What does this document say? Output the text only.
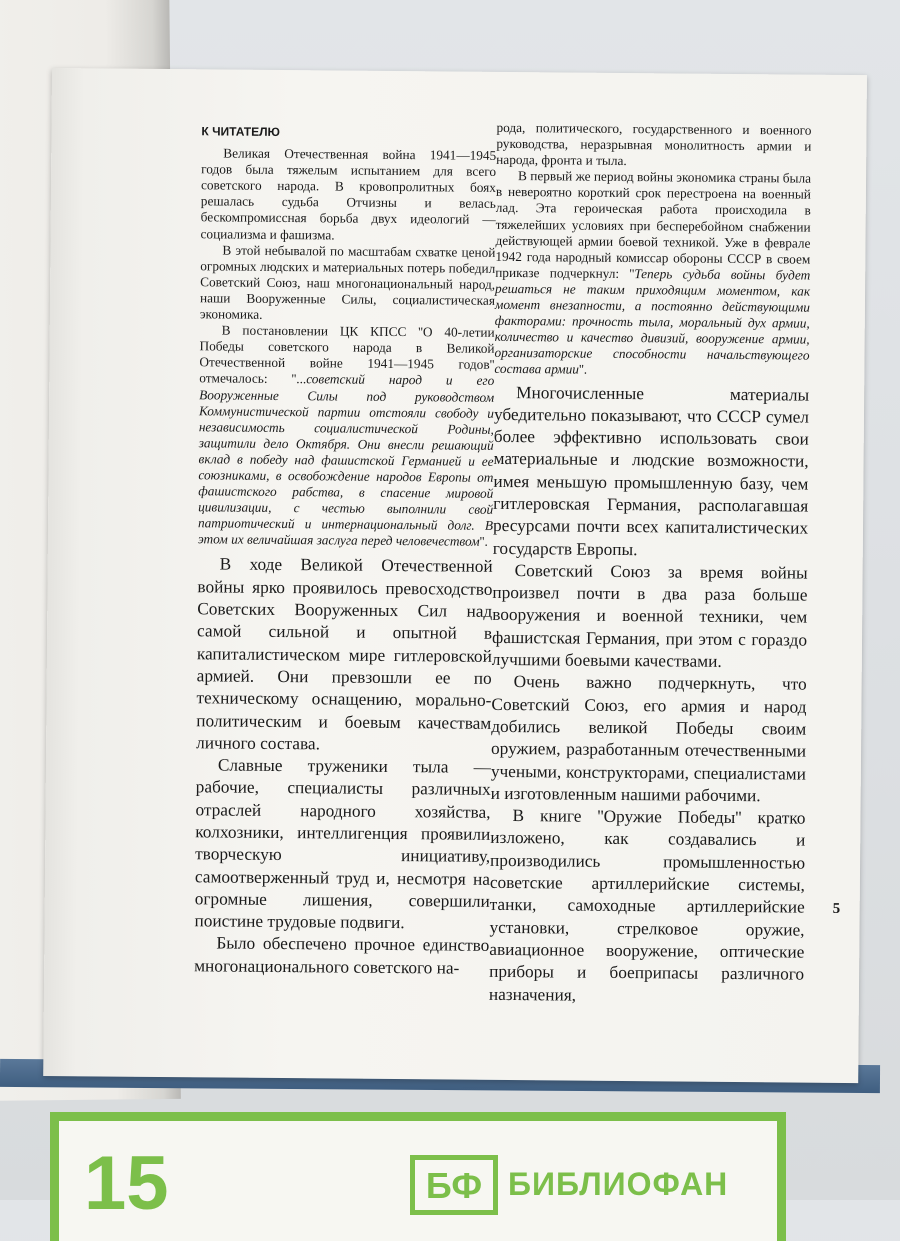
К ЧИТАТЕЛЮ

Великая Отечественная война 1941—1945 годов была тяжелым испытанием для всего советского народа. В кровопролитных боях решалась судьба Отчизны и велась бескомпромиссная борьба двух идеологий — социализма и фашизма.

В этой небывалой по масштабам схватке ценой огромных людских и материальных потерь победил Советский Союз, наш многонациональный народ, наши Вооруженные Силы, социалистическая экономика.

В постановлении ЦК КПСС ''О 40-летии Победы советского народа в Великой Отечественной войне 1941—1945 годов'' отмечалось: ''...советский народ и его Вооруженные Силы под руководством Коммунистической партии отстояли свободу и независимость социалистической Родины, защитили дело Октября. Они внесли решающий вклад в победу над фашистской Германией и ее союзниками, в освобождение народов Европы от фашистского рабства, в спасение мировой цивилизации, с честью выполнили свой патриотический и интернациональный долг. В этом их величайшая заслуга перед человечеством''.

В ходе Великой Отечественной войны ярко проявилось превосходство Советских Вооруженных Сил над самой сильной и опытной в капиталистическом мире гитлеровской армией. Они превзошли ее по техническому оснащению, морально-политическим и боевым качествам личного состава.

Славные труженики тыла — рабочие, специалисты различных отраслей народного хозяйства, колхозники, интеллигенция проявили творческую инициативу, самоотверженный труд и, несмотря на огромные лишения, совершили поистине трудовые подвиги.

Было обеспечено прочное единство многонационального советского на-

рода, политического, государственного и военного руководства, неразрывная монолитность армии и народа, фронта и тыла.

В первый же период войны экономика страны была в невероятно короткий срок перестроена на военный лад. Эта героическая работа происходила в тяжелейших условиях при бесперебойном снабжении действующей армии боевой техникой. Уже в феврале 1942 года народный комиссар обороны СССР в своем приказе подчеркнул: ''Теперь судьба войны будет решаться не таким приходящим моментом, как момент внезапности, а постоянно действующими факторами: прочность тыла, моральный дух армии, количество и качество дивизий, вооружение армии, организаторские способности начальствующего состава армии''.

Многочисленные материалы убедительно показывают, что СССР сумел более эффективно использовать свои материальные и людские возможности, имея меньшую промышленную базу, чем гитлеровская Германия, располагавшая ресурсами почти всех капиталистических государств Европы.

Советский Союз за время войны произвел почти в два раза больше вооружения и военной техники, чем фашистская Германия, при этом с гораздо лучшими боевыми качествами.

Очень важно подчеркнуть, что Советский Союз, его армия и народ добились великой Победы своим оружием, разработанным отечественными учеными, конструкторами, специалистами и изготовленным нашими рабочими.

В книге ''Оружие Победы'' кратко изложено, как создавались и производились промышленностью советские артиллерийские системы, танки, самоходные артиллерийские установки, стрелковое оружие, авиационное вооружение, оптические приборы и боеприпасы различного назначения,

5
15	БФ БИБЛИОФАН
